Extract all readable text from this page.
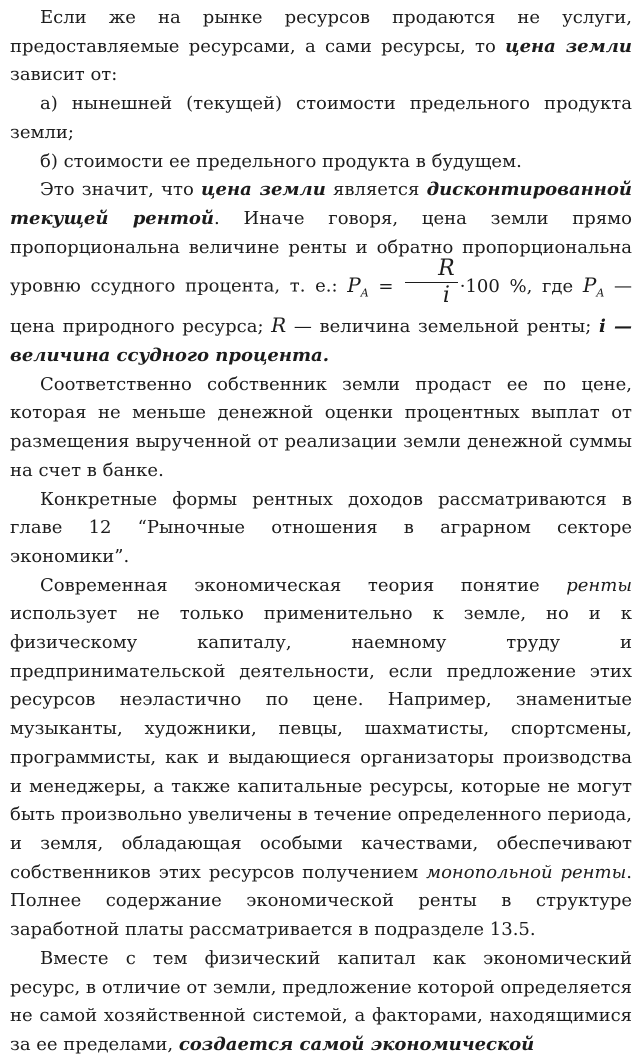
Если же на рынке ресурсов продаются не услуги, предоставляемые ресурсами, а сами ресурсы, то цена земли зависит от:

а) нынешней (текущей) стоимости предельного продукта земли;

б) стоимости ее предельного продукта в будущем.

Это значит, что цена земли является дисконтированной текущей рентой. Иначе говоря, цена земли прямо пропорциональна величине ренты и обратно пропорциональна уровню ссудного процента, т. е.: $P_A = \frac{R}{i} \cdot 100$ %, где $P_A$ — цена природного ресурса; R — величина земельной ренты; i — величина ссудного процента.

Соответственно собственник земли продаст ее по цене, которая не меньше денежной оценки процентных выплат от размещения вырученной от реализации земли денежной суммы на счет в банке.

Конкретные формы рентных доходов рассматриваются в главе 12 “Рыночные отношения в аграрном секторе экономики”.

Современная экономическая теория понятие ренты использует не только применительно к земле, но и к физическому капиталу, наемному труду и предпринимательской деятельности, если предложение этих ресурсов неэластично по цене. Например, знаменитые музыканты, художники, певцы, шахматисты, спортсмены, программисты, как и выдающиеся организаторы производства и менеджеры, а также капитальные ресурсы, которые не могут быть произвольно увеличены в течение определенного периода, и земля, обладающая особыми качествами, обеспечивают собственников этих ресурсов получением монопольной ренты. Полнее содержание экономической ренты в структуре заработной платы рассматривается в подразделе 13.5.

Вместе с тем физический капитал как экономический ресурс, в отличие от земли, предложение которой определяется не самой хозяйственной системой, а факторами, находящимися за ее пределами, создается самой экономической
